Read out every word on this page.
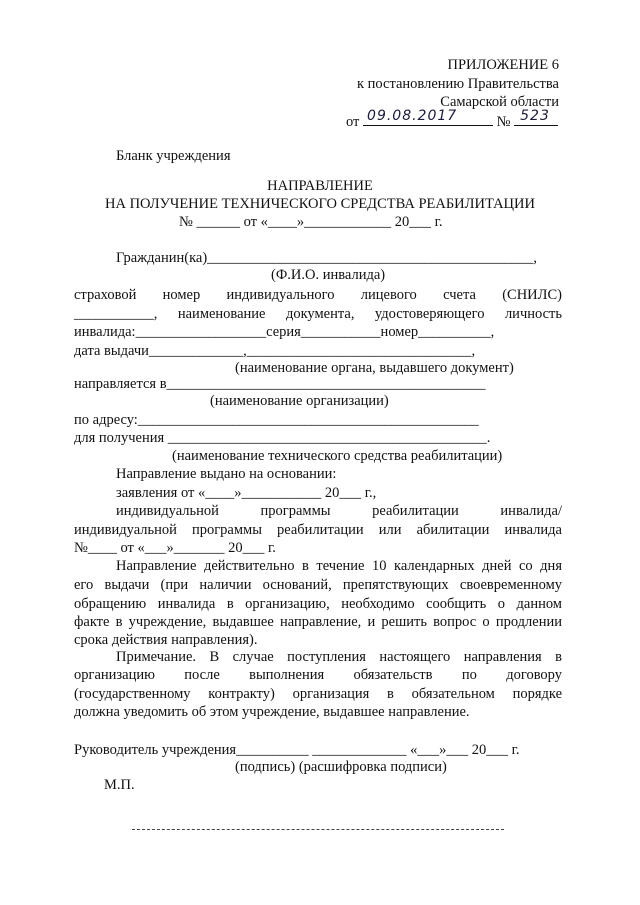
ПРИЛОЖЕНИЕ 6
к постановлению Правительства
Самарской области
от 09.08.2017	№ 523
Бланк учреждения
НАПРАВЛЕНИЕ
НА ПОЛУЧЕНИЕ ТЕХНИЧЕСКОГО СРЕДСТВА РЕАБИЛИТАЦИИ
№ ______ от «____»____________ 20___ г.
Гражданин(ка)_____________________________________________,
(Ф.И.О. инвалида)
страховой номер индивидуального лицевого счета (СНИЛС)
___________, наименование документа, удостоверяющего личность
инвалида:__________________серия___________номер__________,
дата выдачи_____________,_______________________________,
(наименование органа, выдавшего документ)
направляется в____________________________________________
(наименование организации)
по адресу:_______________________________________________
для получения ____________________________________________.
(наименование технического средства реабилитации)
Направление выдано на основании:
заявления от «____»___________ 20___ г.,
индивидуальной программы реабилитации инвалида/
индивидуальной программы реабилитации или абилитации инвалида
№____ от «___»_______ 20___ г.
Направление действительно в течение 10 календарных дней со дня
его выдачи (при наличии оснований, препятствующих своевременному
обращению инвалида в организацию, необходимо сообщить о данном
факте в учреждение, выдавшее направление, и решить вопрос о продлении
срока действия направления).
Примечание. В случае поступления настоящего направления в
организацию после выполнения обязательств по договору
(государственному контракту) организация в обязательном порядке
должна уведомить об этом учреждение, выдавшее направление.
Руководитель учреждения__________ _____________ «___»___ 20___ г.
(подпись) (расшифровка подписи)
М.П.
